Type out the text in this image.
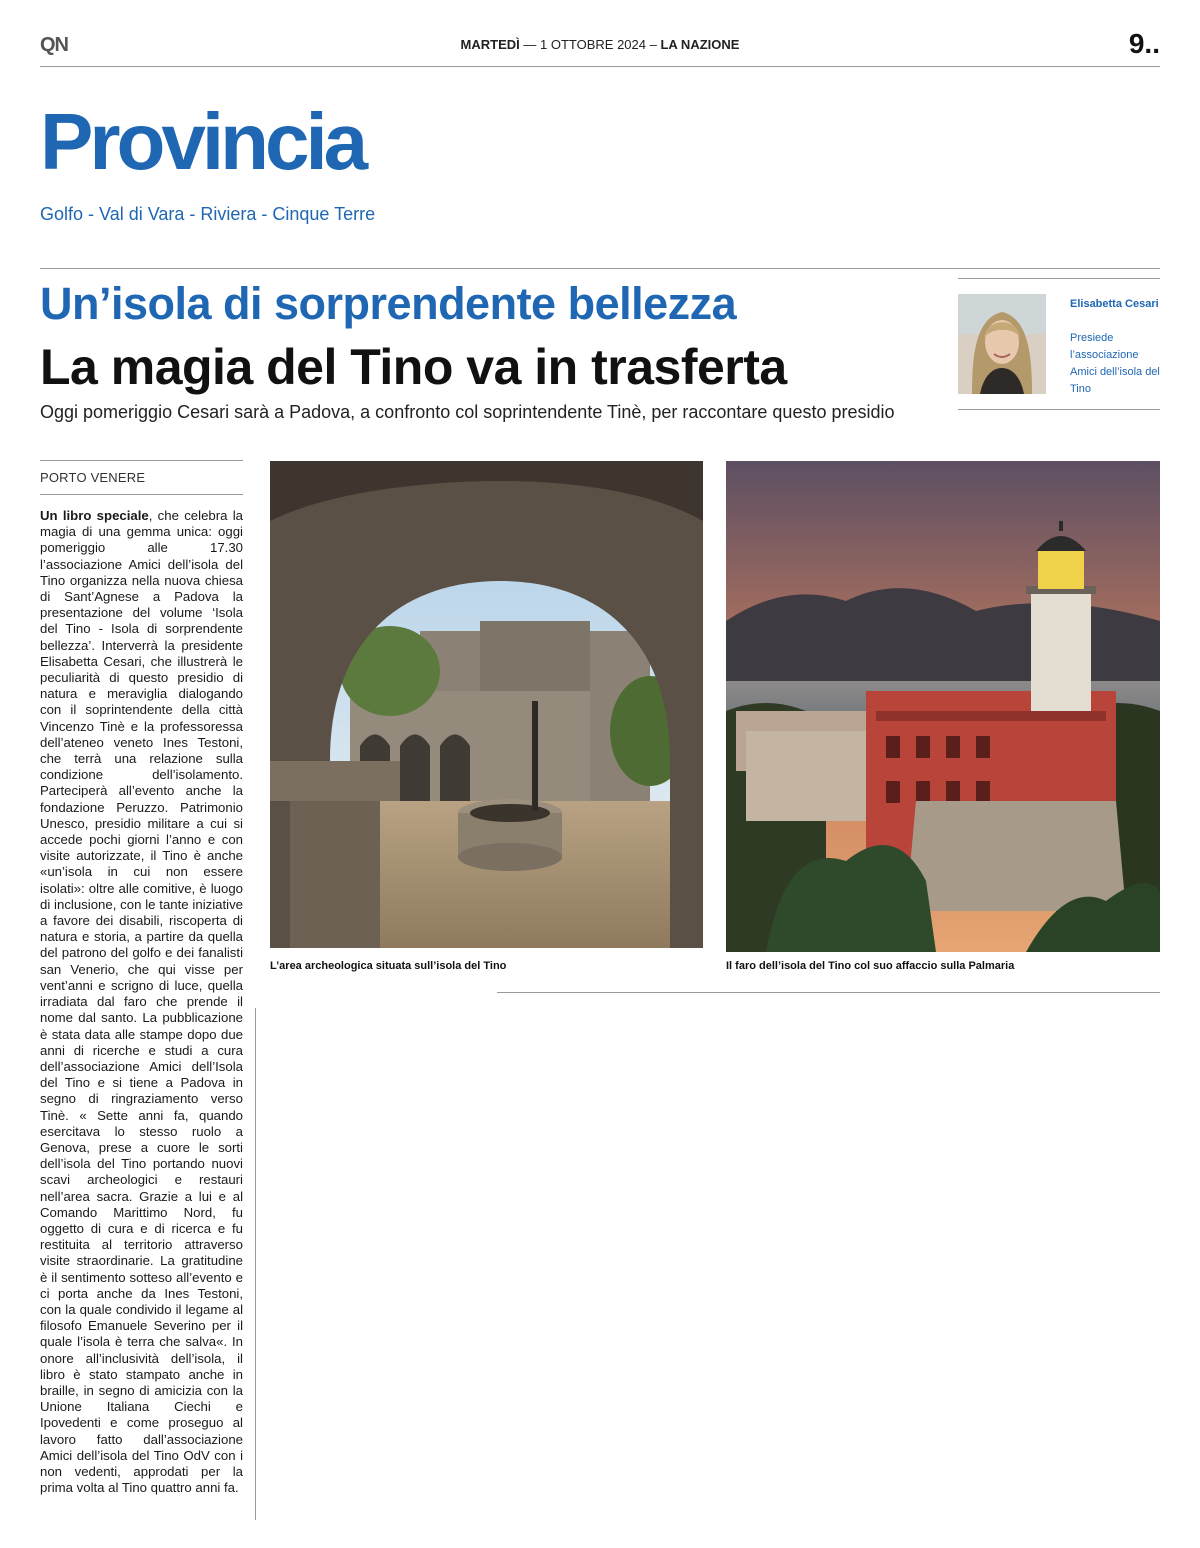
QN	MARTEDÌ — 1 OTTOBRE 2024 – LA NAZIONE	9..
Provincia
Golfo - Val di Vara - Riviera - Cinque Terre
Un’isola di sorprendente bellezza
La magia del Tino va in trasferta
Oggi pomeriggio Cesari sarà a Padova, a confronto col soprintendente Tinè, per raccontare questo presidio
Elisabetta Cesari
Presiede l’associazione Amici dell’isola del Tino
PORTO VENERE
Un libro speciale, che celebra la magia di una gemma unica: oggi pomeriggio alle 17.30 l’associazione Amici dell’isola del Tino organizza nella nuova chiesa di Sant’Agnese a Padova la presentazione del volume ‘Isola del Tino - Isola di sorprendente bellezza’. Interverrà la presidente Elisabetta Cesari, che illustrerà le peculiarità di questo presidio di natura e meraviglia dialogando con il soprintendente della città Vincenzo Tinè e la professoressa dell’ateneo veneto Ines Testoni, che terrà una relazione sulla condizione dell’isolamento. Parteciperà all’evento anche la fondazione Peruzzo. Patrimonio Unesco, presidio militare a cui si accede pochi giorni l’anno e con visite autorizzate, il Tino è anche «un’isola in cui non essere isolati»: oltre alle comitive, è luogo di inclusione, con le tante iniziative a favore dei disabili, riscoperta di natura e storia, a partire da quella del patrono del golfo e dei fanalisti san Venerio, che qui visse per vent’anni e scrigno di luce, quella irradiata dal faro che prende il nome dal santo. La pubblicazione è stata data alle stampe dopo due anni di ricerche e studi a cura dell’associazione Amici dell’Isola del Tino e si tiene a Padova in segno di ringraziamento verso Tinè. « Sette anni fa, quando esercitava lo stesso ruolo a Genova, prese a cuore le sorti dell’isola del Tino portando nuovi scavi archeologici e restauri nell’area sacra. Grazie a lui e al Comando Marittimo Nord, fu oggetto di cura e di ricerca e fu restituita al territorio attraverso visite straordinarie. La gratitudine è il sentimento sotteso all’evento e ci porta anche da Ines Testoni, con la quale condivido il legame al filosofo Emanuele Severino per il quale l’isola è terra che salva«. In onore all’inclusività dell’isola, il libro è stato stampato anche in braille, in segno di amicizia con la Unione Italiana Ciechi e Ipovedenti e come proseguo al lavoro fatto dall’associazione Amici dell’isola del Tino OdV con i non vedenti, approdati per la prima volta al Tino quattro anni fa.
L’area archeologica situata sull’isola del Tino	Il faro dell’isola del Tino col suo affaccio sulla Palmaria
